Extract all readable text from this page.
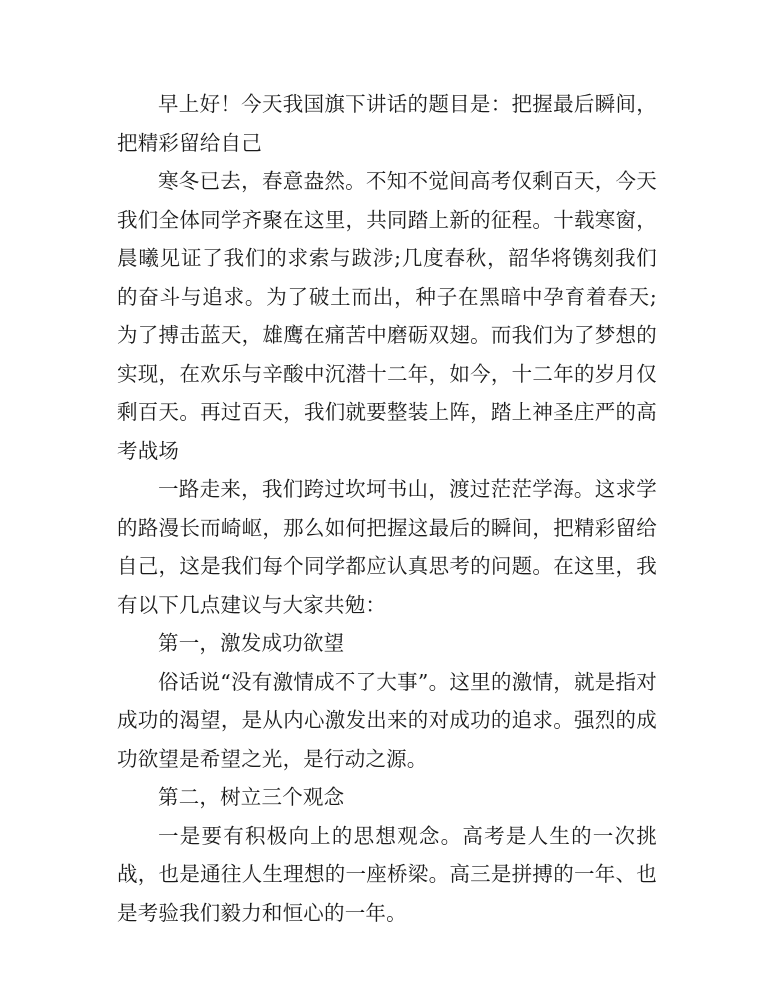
早上好！今天我国旗下讲话的题目是：把握最后瞬间，把精彩留给自己

寒冬已去，春意盎然。不知不觉间高考仅剩百天，今天我们全体同学齐聚在这里，共同踏上新的征程。十载寒窗，晨曦见证了我们的求索与跋涉;几度春秋，韶华将镌刻我们的奋斗与追求。为了破土而出，种子在黑暗中孕育着春天;为了搏击蓝天，雄鹰在痛苦中磨砺双翅。而我们为了梦想的实现，在欢乐与辛酸中沉潜十二年，如今，十二年的岁月仅剩百天。再过百天，我们就要整装上阵，踏上神圣庄严的高考战场

一路走来，我们跨过坎坷书山，渡过茫茫学海。这求学的路漫长而崎岖，那么如何把握这最后的瞬间，把精彩留给自己，这是我们每个同学都应认真思考的问题。在这里，我有以下几点建议与大家共勉：

第一，激发成功欲望

俗话说“没有激情成不了大事”。这里的激情，就是指对成功的渴望，是从内心激发出来的对成功的追求。强烈的成功欲望是希望之光，是行动之源。

第二，树立三个观念

一是要有积极向上的思想观念。高考是人生的一次挑战，也是通往人生理想的一座桥梁。高三是拼搏的一年、也是考验我们毅力和恒心的一年。
